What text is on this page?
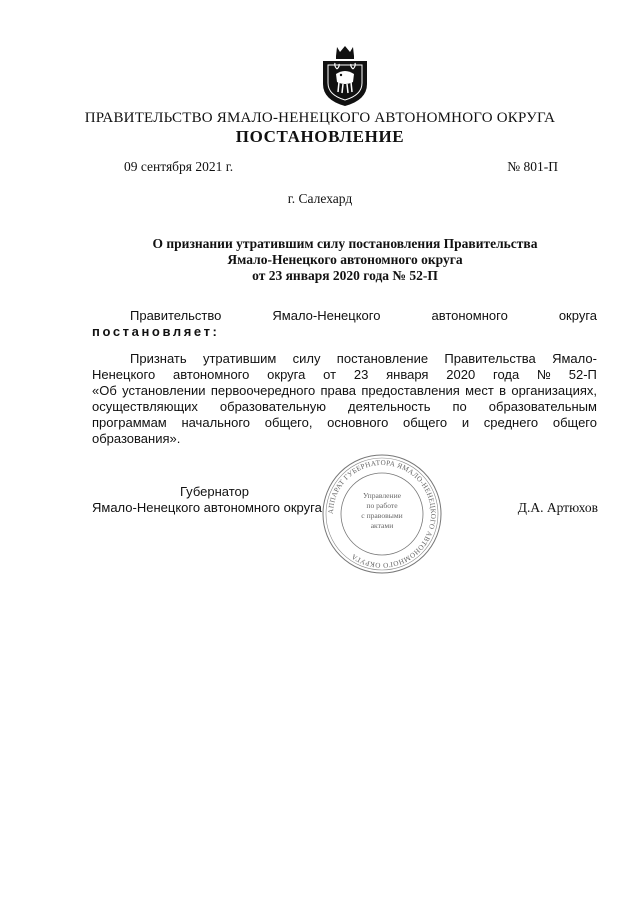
ПРАВИТЕЛЬСТВО ЯМАЛО-НЕНЕЦКОГО АВТОНОМНОГО ОКРУГА
ПОСТАНОВЛЕНИЕ
09 сентября 2021 г.	№ 801-П
г. Салехард
О признании утратившим силу постановления Правительства
Ямало-Ненецкого автономного округа
от 23 января 2020 года № 52-П
Правительство	Ямало-Ненецкого	автономного	округа
постановляет:
Признать утратившим силу постановление Правительства Ямало-
Ненецкого автономного округа от 23 января 2020 года № 52-П
«Об установлении первоочередного права предоставления мест в организациях,
осуществляющих образовательную деятельность по образовательным
программам начального общего, основного общего и среднего общего
образования».
Губернатор
Ямало-Ненецкого автономного округа	Д.А. Артюхов
АППАРАТ ГУБЕРНАТОРА ЯМАЛО-НЕНЕЦКОГО АВТОНОМНОГО ОКРУГА
Управление
по работе
с правовыми
актами
